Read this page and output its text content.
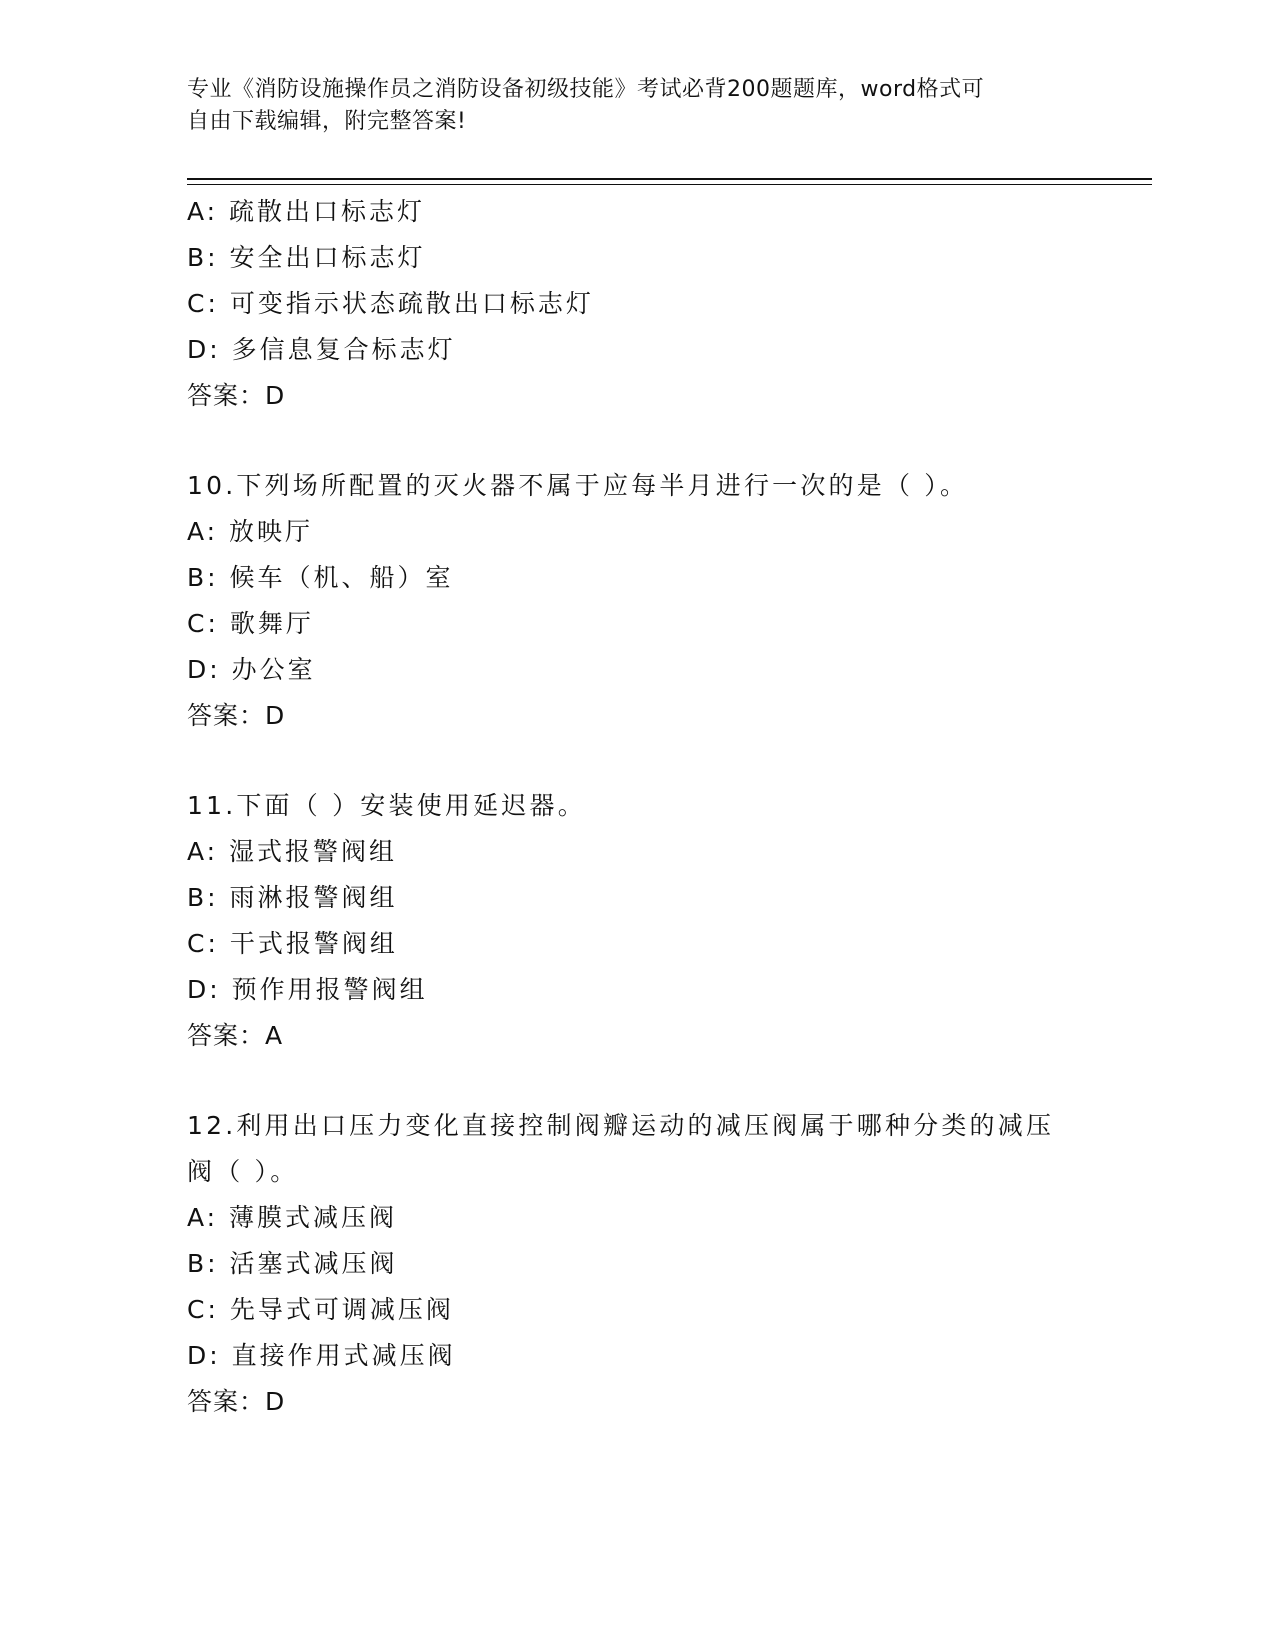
专业《消防设施操作员之消防设备初级技能》考试必背200题题库，word格式可
自由下载编辑，附完整答案!
A: 疏散出口标志灯
B: 安全出口标志灯
C: 可变指示状态疏散出口标志灯
D: 多信息复合标志灯
答案：D
10.下列场所配置的灭火器不属于应每半月进行一次的是（ ）。
A: 放映厅
B: 候车（机、船）室
C: 歌舞厅
D: 办公室
答案：D
11.下面（ ）安装使用延迟器。
A: 湿式报警阀组
B: 雨淋报警阀组
C: 干式报警阀组
D: 预作用报警阀组
答案：A
12.利用出口压力变化直接控制阀瓣运动的减压阀属于哪种分类的减压
阀（ ）。
A: 薄膜式减压阀
B: 活塞式减压阀
C: 先导式可调减压阀
D: 直接作用式减压阀
答案：D
